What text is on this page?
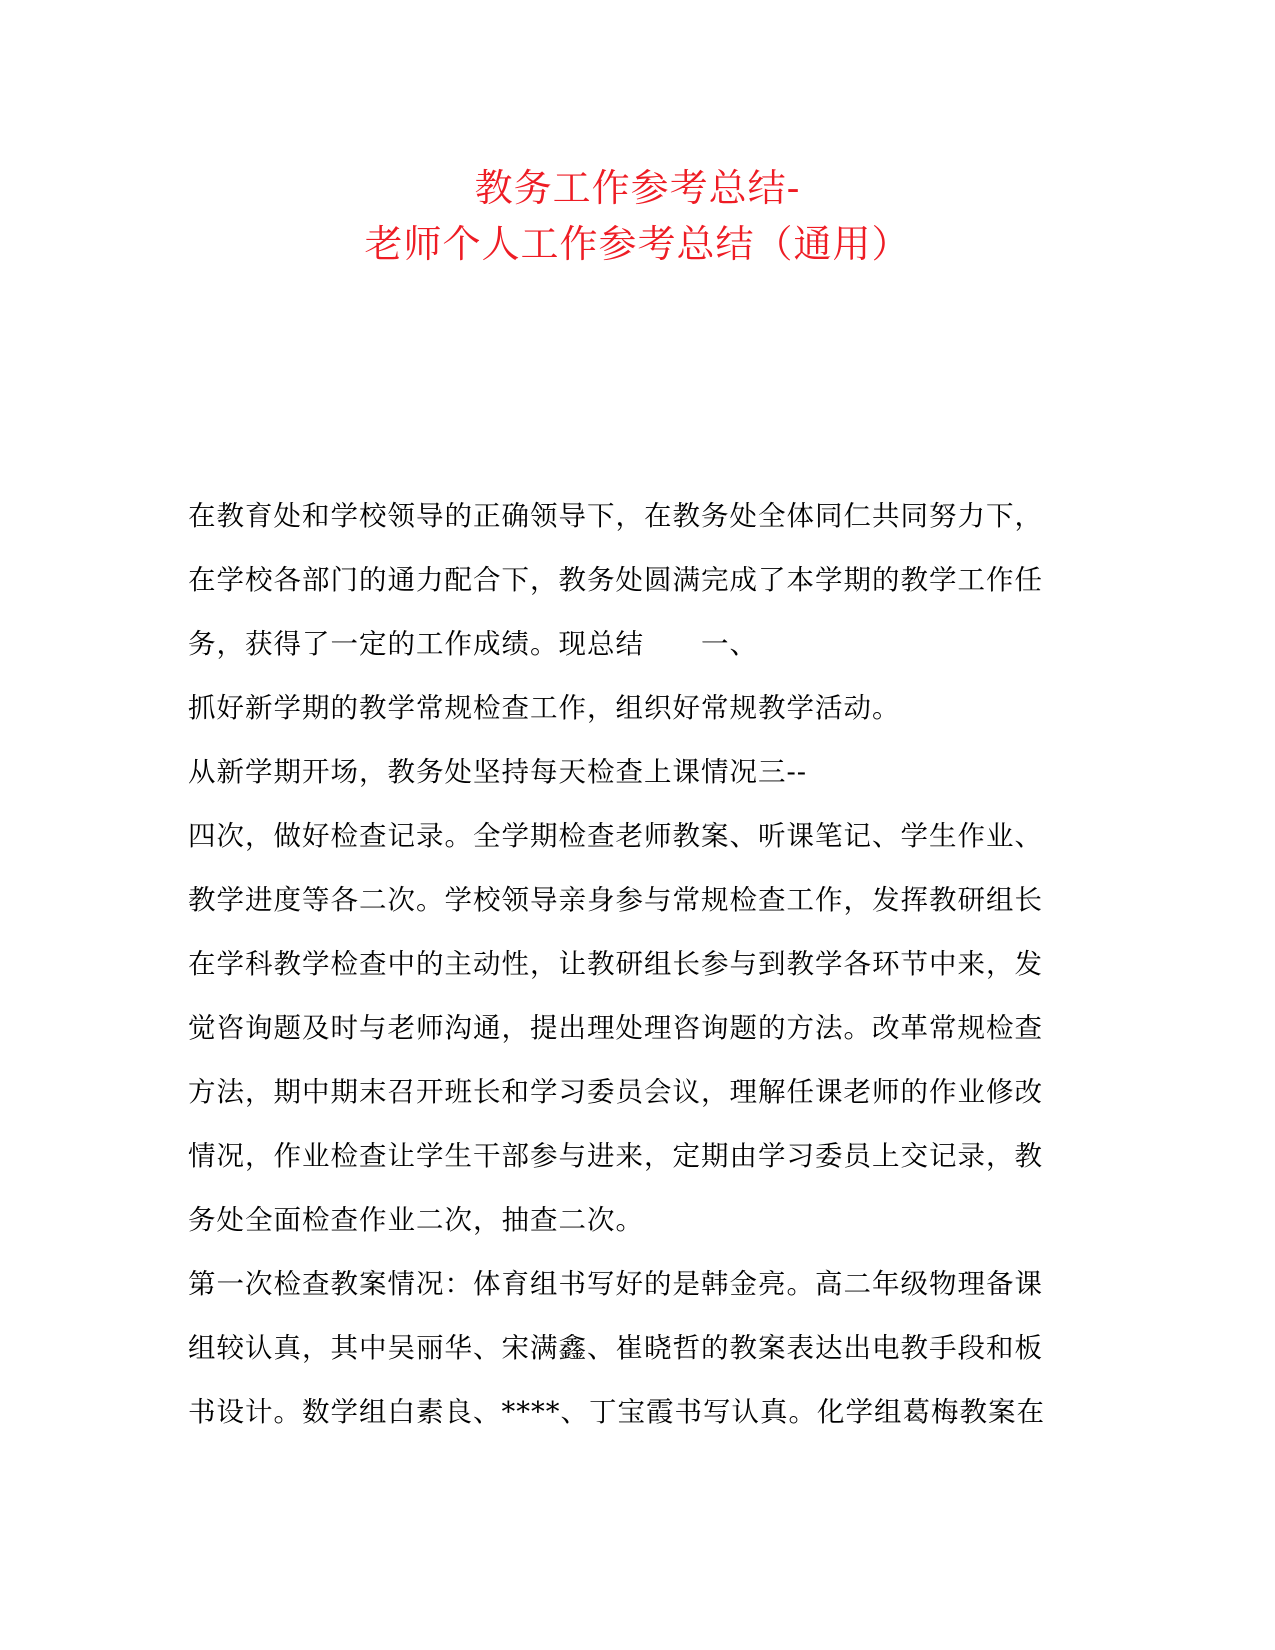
教务工作参考总结-
老师个人工作参考总结（通用）
在教育处和学校领导的正确领导下，在教务处全体同仁共同努力下，
在学校各部门的通力配合下，教务处圆满完成了本学期的教学工作任
务，获得了一定的工作成绩。现总结　　一、
抓好新学期的教学常规检查工作，组织好常规教学活动。
从新学期开场，教务处坚持每天检查上课情况三--
四次，做好检查记录。全学期检查老师教案、听课笔记、学生作业、
教学进度等各二次。学校领导亲身参与常规检查工作，发挥教研组长
在学科教学检查中的主动性，让教研组长参与到教学各环节中来，发
觉咨询题及时与老师沟通，提出理处理咨询题的方法。改革常规检查
方法，期中期末召开班长和学习委员会议，理解任课老师的作业修改
情况，作业检查让学生干部参与进来，定期由学习委员上交记录，教
务处全面检查作业二次，抽查二次。
第一次检查教案情况：体育组书写好的是韩金亮。高二年级物理备课
组较认真，其中吴丽华、宋满鑫、崔晓哲的教案表达出电教手段和板
书设计。数学组白素良、****、丁宝霞书写认真。化学组葛梅教案在
